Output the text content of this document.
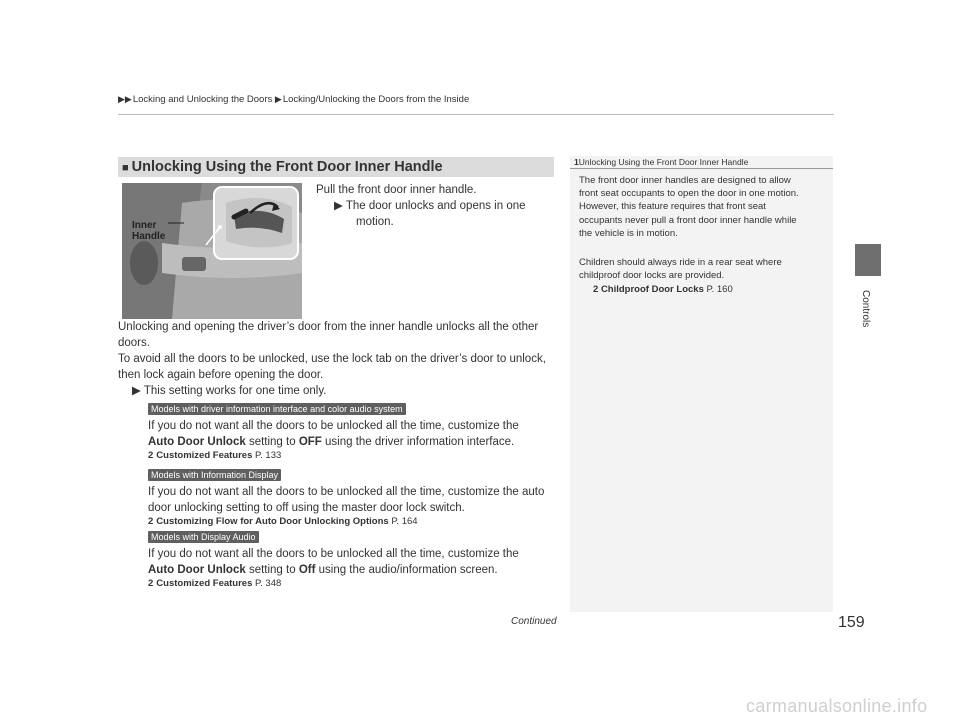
▶▶Locking and Unlocking the Doors ▶Locking/Unlocking the Doors from the Inside
Controls
■ Unlocking Using the Front Door Inner Handle
Inner
Handle
Pull the front door inner handle.
▶ The door unlocks and opens in one
motion.
Unlocking and opening the driver’s door from the inner handle unlocks all the other
doors.
To avoid all the doors to be unlocked, use the lock tab on the driver’s door to unlock,
then lock again before opening the door.
▶ This setting works for one time only.
Models with driver information interface and color audio system
If you do not want all the doors to be unlocked all the time, customize the
Auto Door Unlock setting to OFF using the driver information interface.
2 Customized Features P. 133
Models with Information Display
If you do not want all the doors to be unlocked all the time, customize the auto
door unlocking setting to off using the master door lock switch.
2 Customizing Flow for Auto Door Unlocking Options P. 164
Models with Display Audio
If you do not want all the doors to be unlocked all the time, customize the
Auto Door Unlock setting to Off using the audio/information screen.
2 Customized Features P. 348
1Unlocking Using the Front Door Inner Handle
The front door inner handles are designed to allow
front seat occupants to open the door in one motion.
However, this feature requires that front seat
occupants never pull a front door inner handle while
the vehicle is in motion.
Children should always ride in a rear seat where
childproof door locks are provided.
2 Childproof Door Locks P. 160
Continued	159
carmanualsonline.info
